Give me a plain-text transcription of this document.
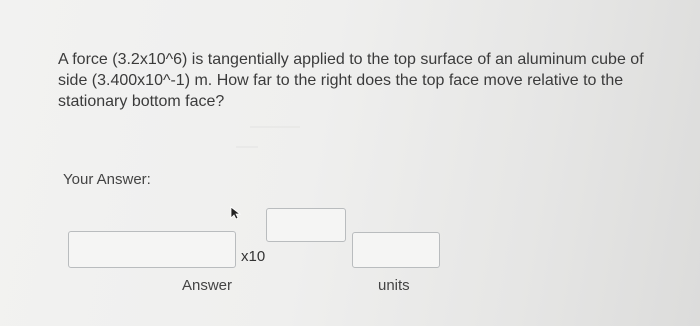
A force (3.2x10^6) is tangentially applied to the top surface of an aluminum cube of
side (3.400x10^-1) m. How far to the right does the top face move relative to the
stationary bottom face?
Your Answer:
x10
Answer	units
